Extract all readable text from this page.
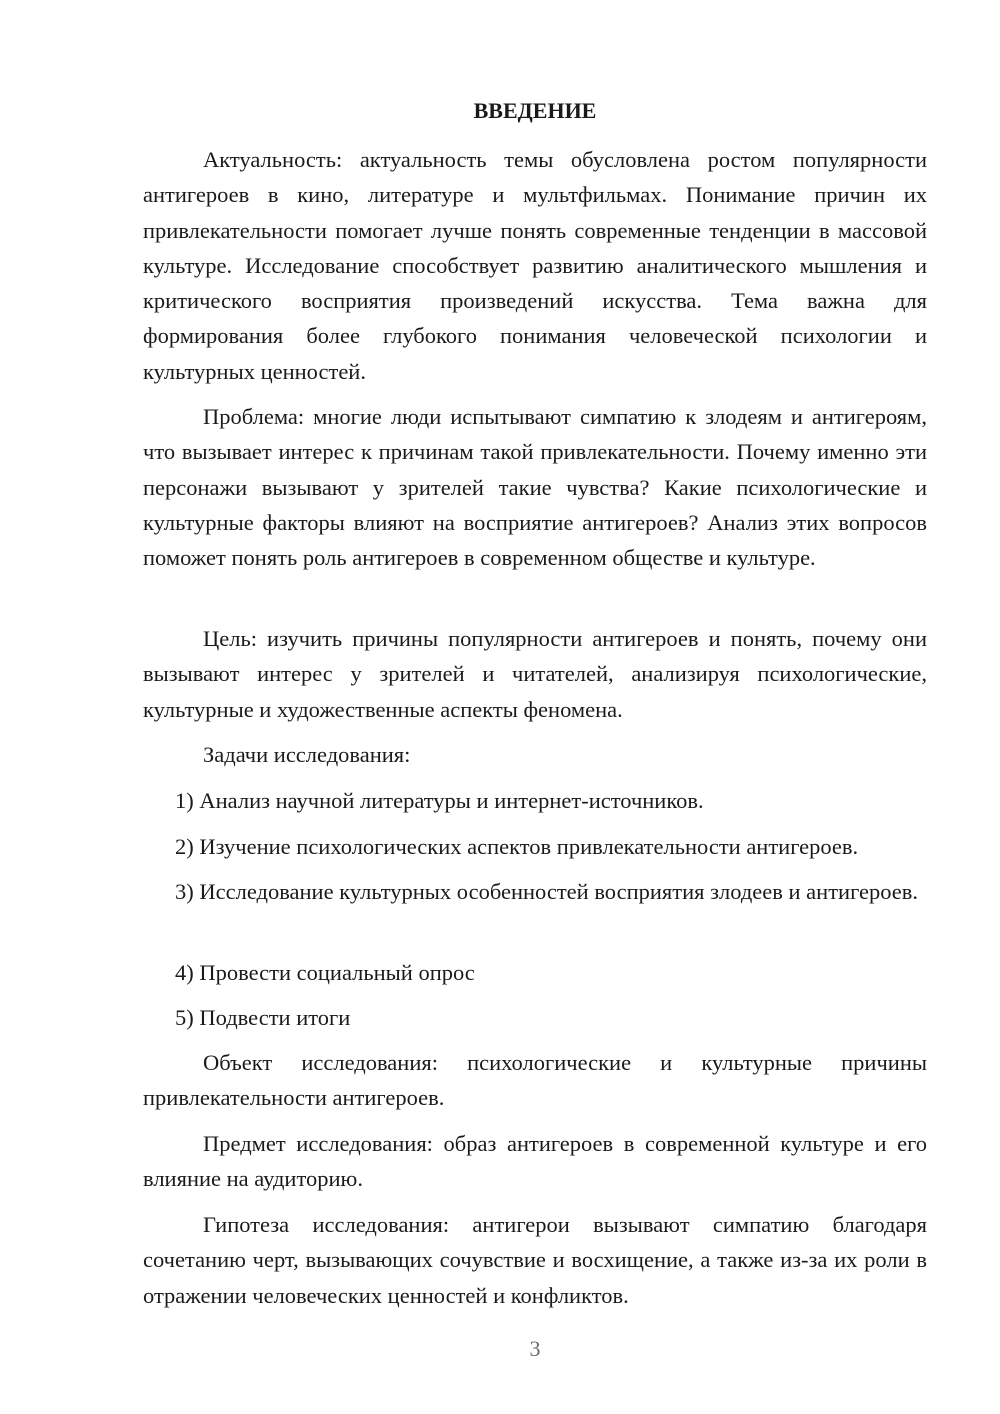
ВВЕДЕНИЕ

Актуальность: актуальность темы обусловлена ростом популярности антигероев в кино, литературе и мультфильмах. Понимание причин их привлекательности помогает лучше понять современные тенденции в массовой культуре. Исследование способствует развитию аналитического мышления и критического восприятия произведений искусства. Тема важна для формирования более глубокого понимания человеческой психологии и культурных ценностей.

Проблема: многие люди испытывают симпатию к злодеям и антигероям, что вызывает интерес к причинам такой привлекательности. Почему именно эти персонажи вызывают у зрителей такие чувства? Какие психологические и культурные факторы влияют на восприятие антигероев? Анализ этих вопросов поможет понять роль антигероев в современном обществе и культуре.

Цель: изучить причины популярности антигероев и понять, почему они вызывают интерес у зрителей и читателей, анализируя психологические, культурные и художественные аспекты феномена.

Задачи исследования:

1) Анализ научной литературы и интернет-источников.

2) Изучение психологических аспектов привлекательности антигероев.

3) Исследование культурных особенностей восприятия злодеев и антигероев.

4) Провести социальный опрос

5) Подвести итоги

Объект исследования: психологические и культурные причины привлекательности антигероев.

Предмет исследования: образ антигероев в современной культуре и его влияние на аудиторию.

Гипотеза исследования: антигерои вызывают симпатию благодаря сочетанию черт, вызывающих сочувствие и восхищение, а также из-за их роли в отражении человеческих ценностей и конфликтов.

3
